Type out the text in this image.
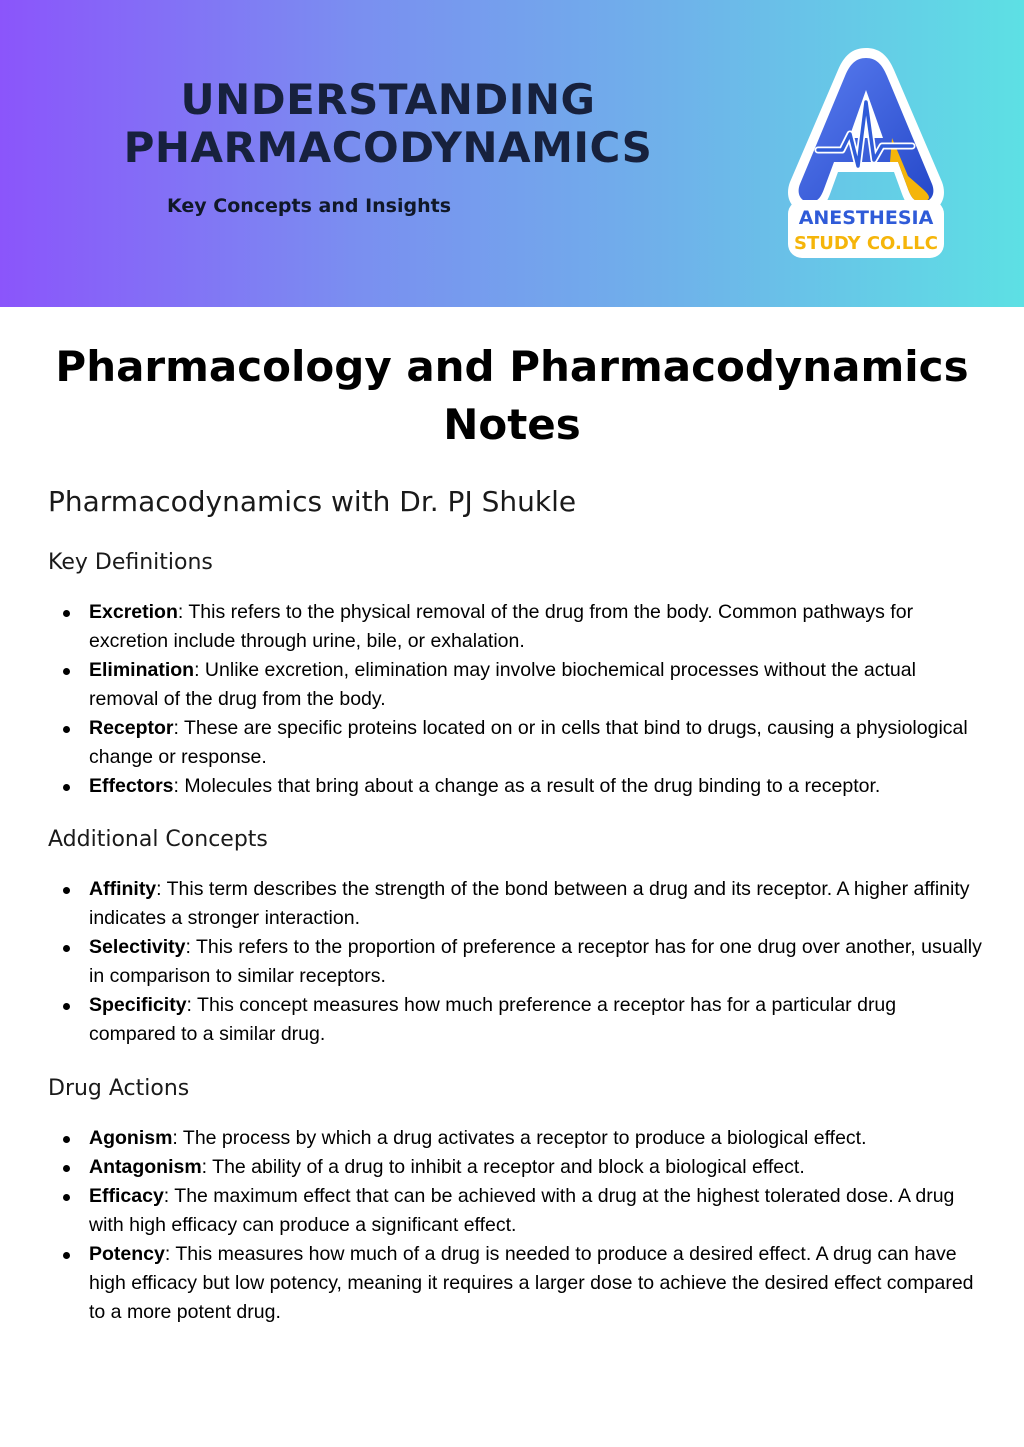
UNDERSTANDING
PHARMACODYNAMICS

Key Concepts and Insights

ANESTHESIA
STUDY CO.LLC
Pharmacology and Pharmacodynamics
Notes
Pharmacodynamics with Dr. PJ Shukle
Key Definitions
Excretion: This refers to the physical removal of the drug from the body. Common pathways for excretion include through urine, bile, or exhalation.
Elimination: Unlike excretion, elimination may involve biochemical processes without the actual removal of the drug from the body.
Receptor: These are specific proteins located on or in cells that bind to drugs, causing a physiological change or response.
Effectors: Molecules that bring about a change as a result of the drug binding to a receptor.
Additional Concepts
Affinity: This term describes the strength of the bond between a drug and its receptor. A higher affinity indicates a stronger interaction.
Selectivity: This refers to the proportion of preference a receptor has for one drug over another, usually in comparison to similar receptors.
Specificity: This concept measures how much preference a receptor has for a particular drug compared to a similar drug.
Drug Actions
Agonism: The process by which a drug activates a receptor to produce a biological effect.
Antagonism: The ability of a drug to inhibit a receptor and block a biological effect.
Efficacy: The maximum effect that can be achieved with a drug at the highest tolerated dose. A drug with high efficacy can produce a significant effect.
Potency: This measures how much of a drug is needed to produce a desired effect. A drug can have high efficacy but low potency, meaning it requires a larger dose to achieve the desired effect compared to a more potent drug.
